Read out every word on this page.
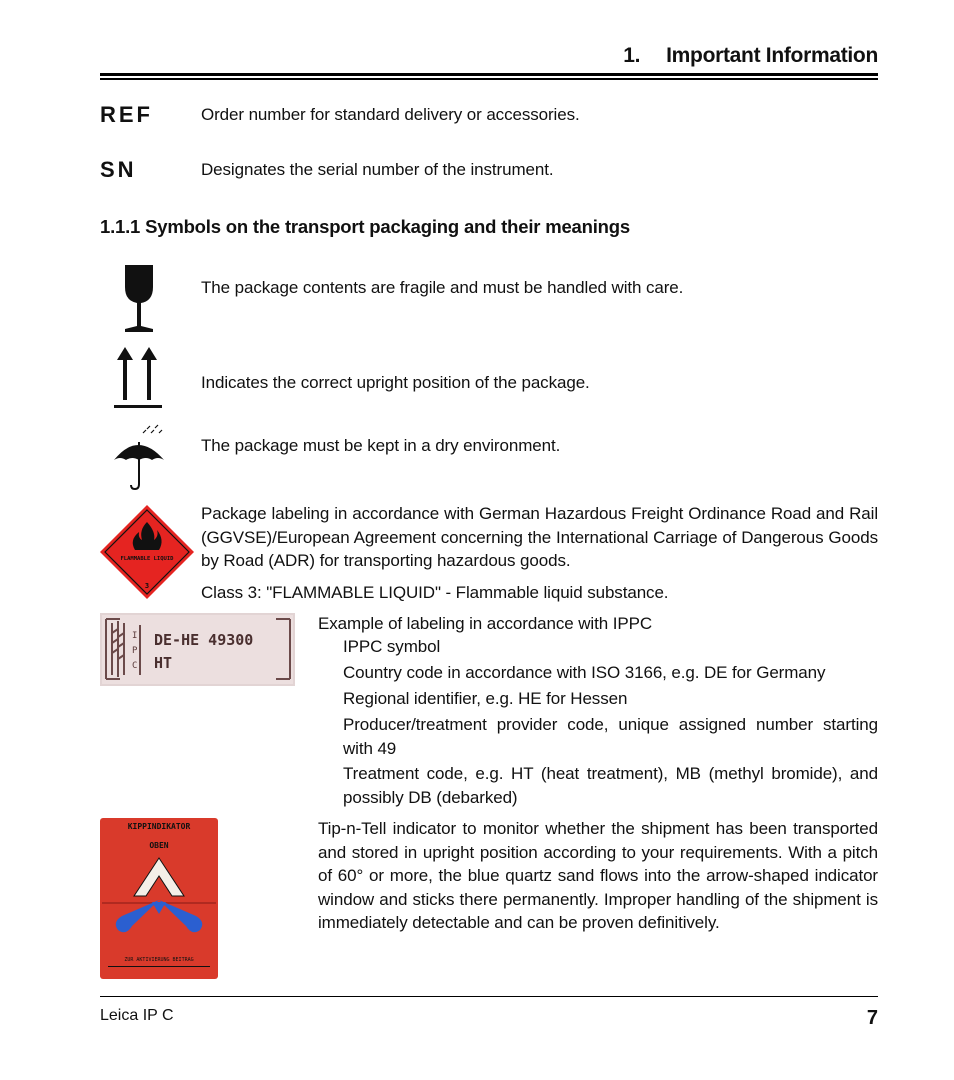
1. Important Information
REF	Order number for standard delivery or accessories.
SN	Designates the serial number of the instrument.
1.1.1 Symbols on the transport packaging and their meanings
The package contents are fragile and must be handled with care.
Indicates the correct upright position of the package.
The package must be kept in a dry environment.
FLAMMABLE LIQUID
3
Package labeling in accordance with German Hazardous Freight Ordinance Road and Rail (GGVSE)/European Agreement concerning the International Carriage of Dangerous Goods by Road (ADR) for transporting hazardous goods.
Class 3: "FLAMMABLE LIQUID" - Flammable liquid substance.
I
P
C
DE-HE 49300
HT
Example of labeling in accordance with IPPC
IPPC symbol
Country code in accordance with ISO 3166, e.g. DE for Germany
Regional identifier, e.g. HE for Hessen
Producer/treatment provider code, unique assigned number starting with 49
Treatment code, e.g. HT (heat treatment), MB (methyl bromide), and possibly DB (debarked)
KIPPINDIKATOR
OBEN
ZUR AKTIVIERUNG BEITRAG
Tip-n-Tell indicator to monitor whether the shipment has been transported and stored in upright position according to your requirements. With a pitch of 60° or more, the blue quartz sand flows into the arrow-shaped indicator window and sticks there permanently. Improper handling of the shipment is immediately detectable and can be proven definitively.
Leica IP C	7
